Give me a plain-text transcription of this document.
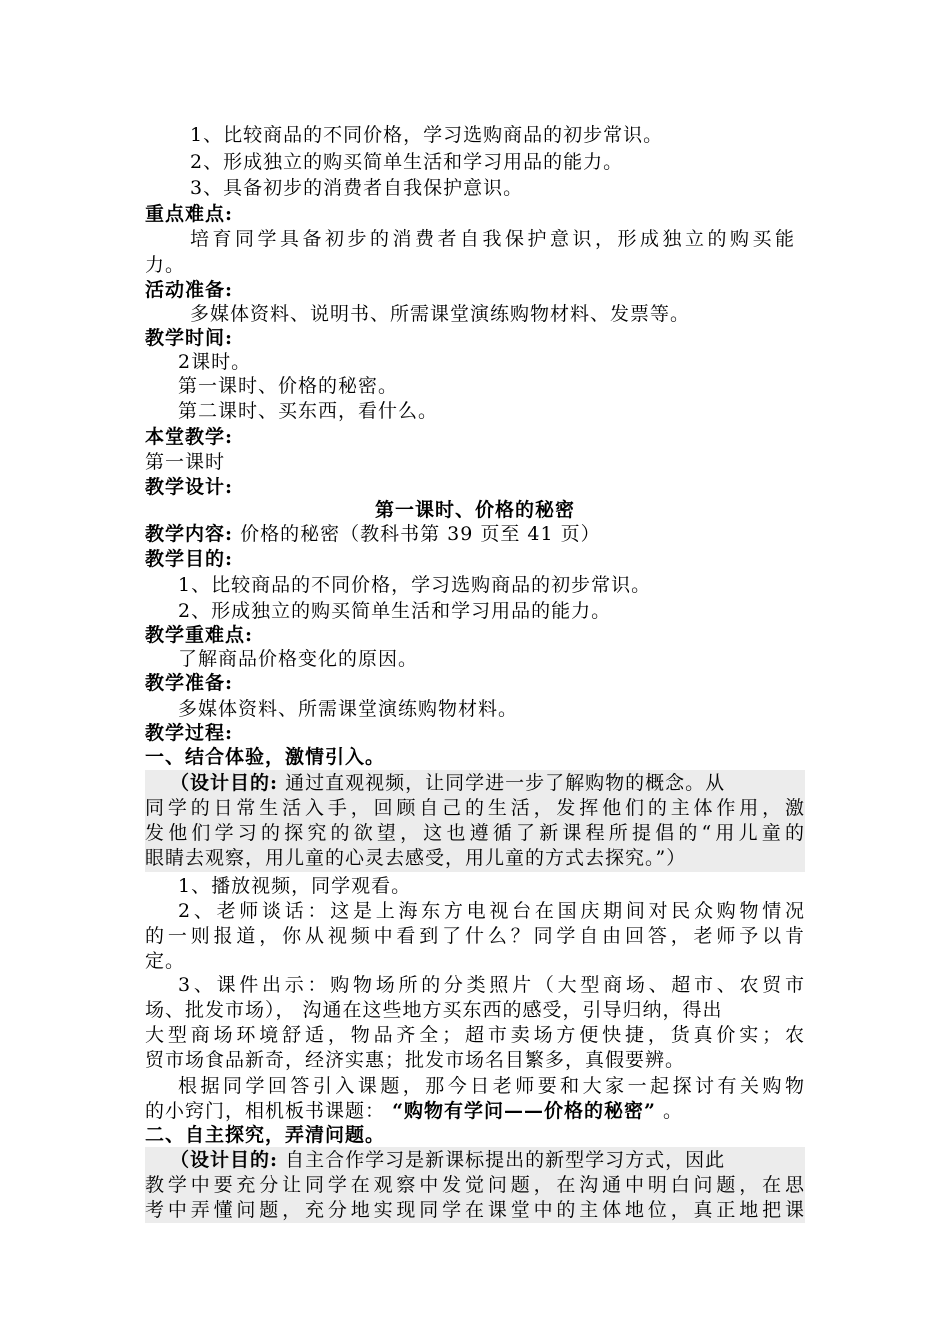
1、比较商品的不同价格，学习选购商品的初步常识。
2、形成独立的购买简单生活和学习用品的能力。
3、具备初步的消费者自我保护意识。
重点难点:
培育同学具备初步的消费者自我保护意识，形成独立的购买能
力。
活动准备:
多媒体资料、说明书、所需课堂演练购物材料、发票等。
教学时间:
2课时。
第一课时、价格的秘密。
第二课时、买东西，看什么。
本堂教学:
第一课时
教学设计:
第一课时、价格的秘密
教学内容: 价格的秘密（教科书第 39 页至 41 页）
教学目的:
1、比较商品的不同价格，学习选购商品的初步常识。
2、形成独立的购买简单生活和学习用品的能力。
教学重难点:
了解商品价格变化的原因。
教学准备:
多媒体资料、所需课堂演练购物材料。
教学过程:
一、结合体验，激情引入。
（设计目的: 通过直观视频，让同学进一步了解购物的概念。从
同学的日常生活入手，回顾自己的生活，发挥他们的主体作用，激
发他们学习的探究的欲望，这也遵循了新课程所提倡的“用儿童的
眼睛去观察，用儿童的心灵去感受，用儿童的方式去探究。”）
1、播放视频，同学观看。
2、老师谈话：这是上海东方电视台在国庆期间对民众购物情况
的一则报道，你从视频中看到了什么？同学自由回答，老师予以肯
定。
3、课件出示：购物场所的分类照片（大型商场、超市、农贸市
场、批发市场）， 沟通在这些地方买东西的感受，引导归纳，得出
大型商场环境舒适，物品齐全；超市卖场方便快捷，货真价实；农
贸市场食品新奇，经济实惠；批发市场名目繁多，真假要辨。
根据同学回答引入课题，那今日老师要和大家一起探讨有关购物
的小窍门，相机板书课题： “购物有学问——价格的秘密” 。
二、自主探究，弄清问题。
（设计目的: 自主合作学习是新课标提出的新型学习方式，因此
教学中要充分让同学在观察中发觉问题，在沟通中明白问题，在思
考中弄懂问题，充分地实现同学在课堂中的主体地位，真正地把课
